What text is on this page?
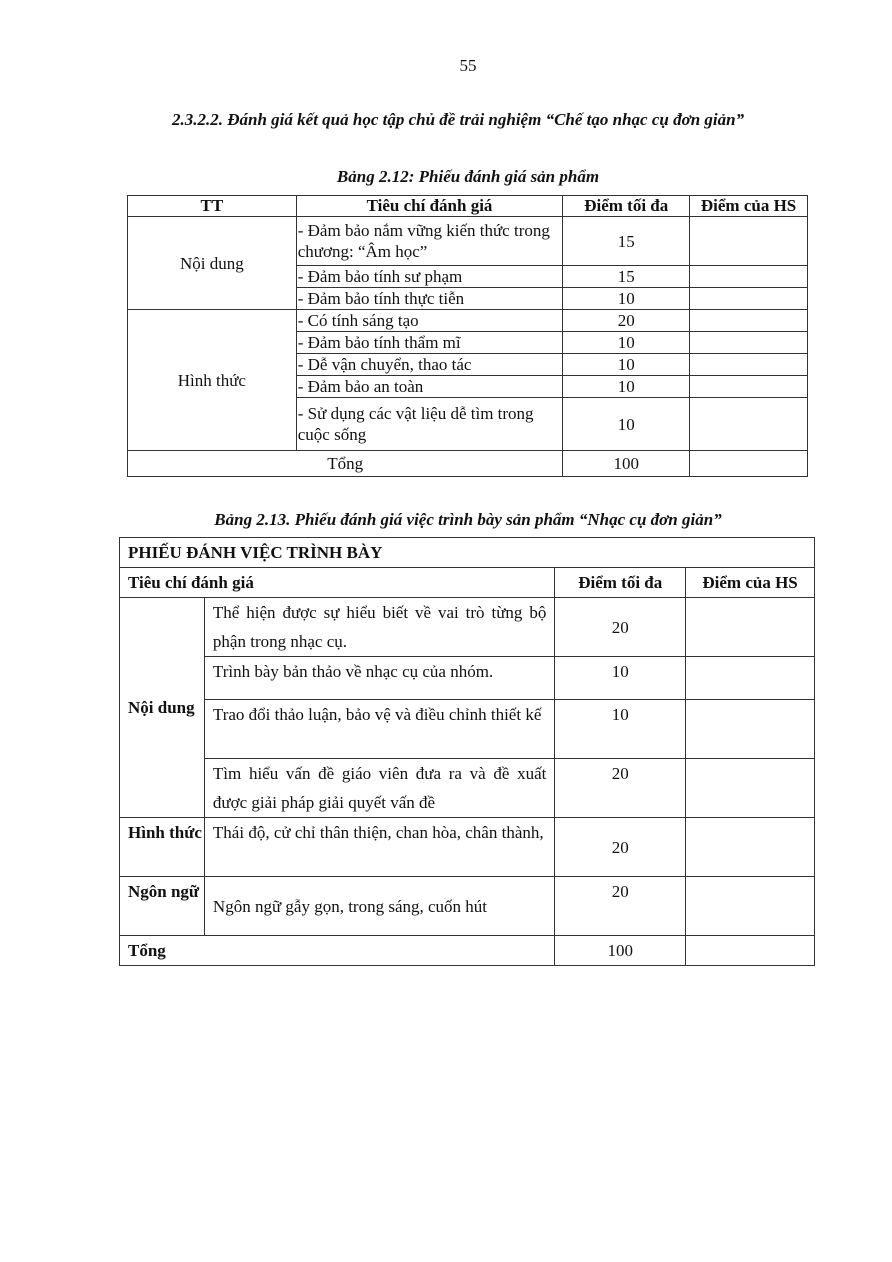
55
2.3.2.2. Đánh giá kết quả học tập chủ đề trải nghiệm “Chế tạo nhạc cụ đơn giản”
Bảng 2.12: Phiếu đánh giá sản phẩm
TT	Tiêu chí đánh giá	Điểm tối đa	Điểm của HS
Nội dung	- Đảm bảo nắm vững kiến thức trong chương: “Âm học”	15	
	- Đảm bảo tính sư phạm	15	
	- Đảm bảo tính thực tiễn	10	
Hình thức	- Có tính sáng tạo	20	
	- Đảm bảo tính thẩm mĩ	10	
	- Dễ vận chuyển, thao tác	10	
	- Đảm bảo an toàn	10	
	- Sử dụng các vật liệu dễ tìm trong cuộc sống	10	
Tổng		100	
Bảng 2.13. Phiếu đánh giá việc trình bày sản phẩm “Nhạc cụ đơn giản”
PHIẾU ĐÁNH VIỆC TRÌNH BÀY			
Tiêu chí đánh giá		Điểm tối đa	Điểm của HS
Nội dung	Thể hiện được sự hiểu biết về vai trò từng bộ phận trong nhạc cụ.	20	
	Trình bày bản thảo về nhạc cụ của nhóm.	10	
	Trao đổi thảo luận, bảo vệ và điều chỉnh thiết kế	10	
	Tìm hiểu vấn đề giáo viên đưa ra và đề xuất được giải pháp giải quyết vấn đề	20	
Hình thức	Thái độ, cử chỉ thân thiện, chan hòa, chân thành,	20	
Ngôn ngữ	Ngôn ngữ gẫy gọn, trong sáng, cuốn hút	20	
Tổng		100	
